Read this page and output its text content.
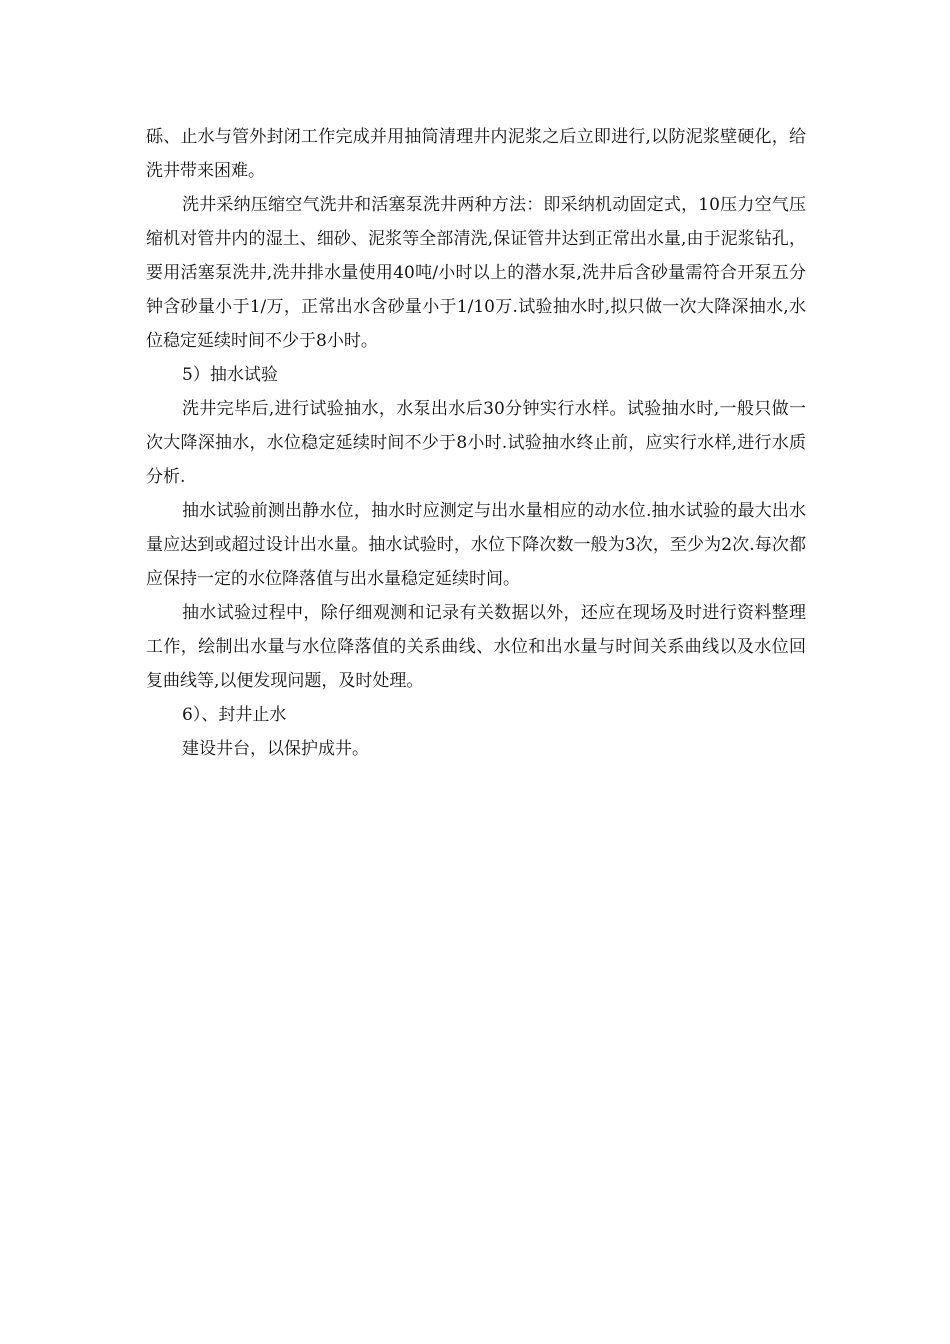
砾、止水与管外封闭工作完成并用抽筒清理井内泥浆之后立即进行,以防泥浆壁硬化，给洗井带来困难。

洗井采纳压缩空气洗井和活塞泵洗井两种方法：即采纳机动固定式，10压力空气压缩机对管井内的湿土、细砂、泥浆等全部清洗,保证管井达到正常出水量,由于泥浆钻孔，要用活塞泵洗井,洗井排水量使用40吨/小时以上的潜水泵,洗井后含砂量需符合开泵五分钟含砂量小于1/万，正常出水含砂量小于1/10万.试验抽水时,拟只做一次大降深抽水,水位稳定延续时间不少于8小时。

5）抽水试验

洗井完毕后,进行试验抽水，水泵出水后30分钟实行水样。试验抽水时,一般只做一次大降深抽水，水位稳定延续时间不少于8小时.试验抽水终止前，应实行水样,进行水质分析.

抽水试验前测出静水位，抽水时应测定与出水量相应的动水位.抽水试验的最大出水量应达到或超过设计出水量。抽水试验时，水位下降次数一般为3次，至少为2次.每次都应保持一定的水位降落值与出水量稳定延续时间。

抽水试验过程中，除仔细观测和记录有关数据以外，还应在现场及时进行资料整理工作，绘制出水量与水位降落值的关系曲线、水位和出水量与时间关系曲线以及水位回复曲线等,以便发现问题，及时处理。

6）、封井止水

建设井台，以保护成井。
